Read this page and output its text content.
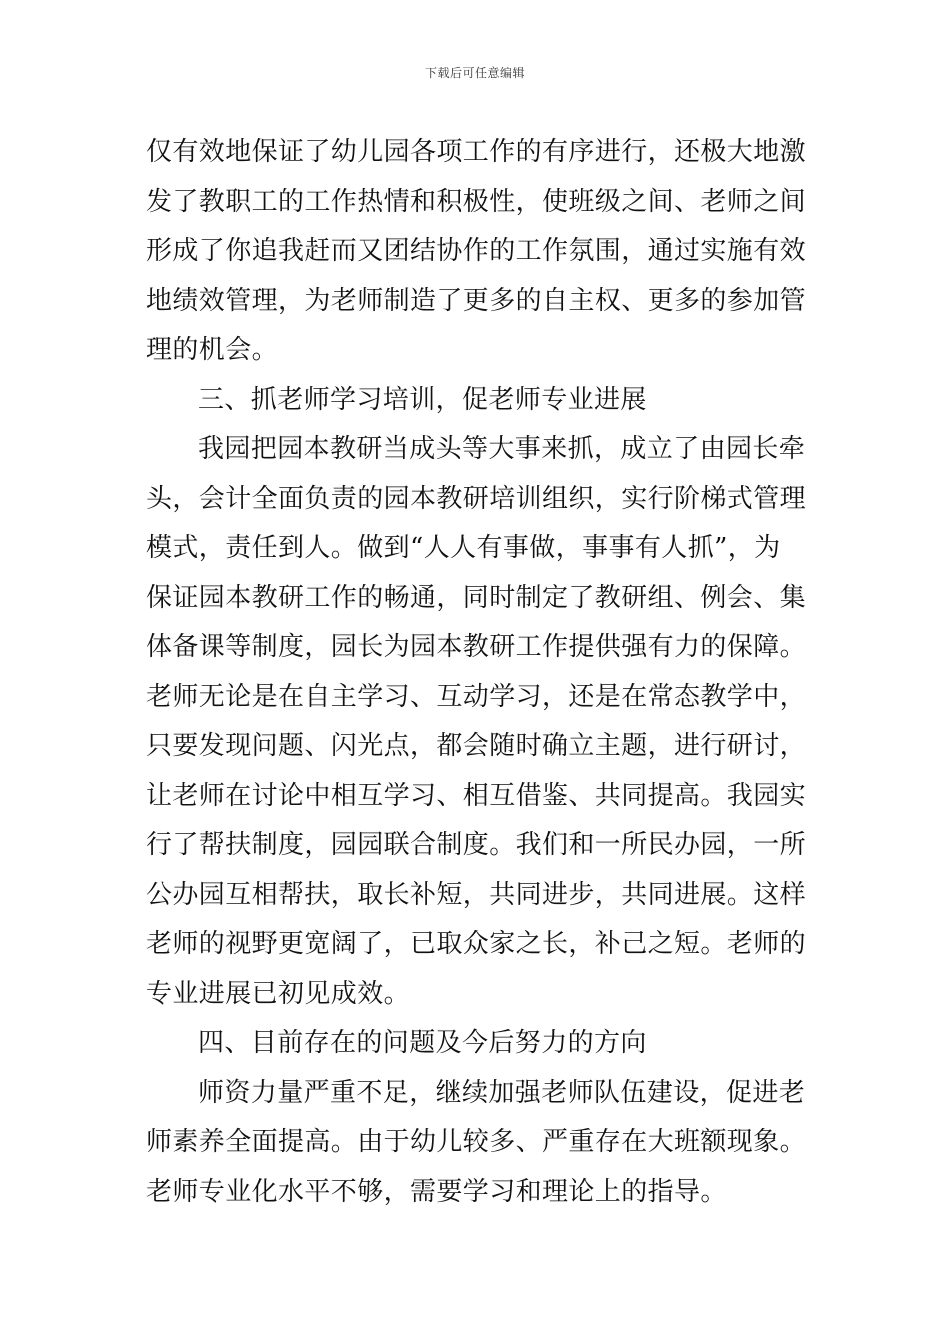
下载后可任意编辑
仅有效地保证了幼儿园各项工作的有序进行，还极大地激
发了教职工的工作热情和积极性，使班级之间、老师之间
形成了你追我赶而又团结协作的工作氛围，通过实施有效
地绩效管理，为老师制造了更多的自主权、更多的参加管
理的机会。
三、抓老师学习培训，促老师专业进展
我园把园本教研当成头等大事来抓，成立了由园长牵
头，会计全面负责的园本教研培训组织，实行阶梯式管理
模式，责任到人。做到“人人有事做，事事有人抓”，为
保证园本教研工作的畅通，同时制定了教研组、例会、集
体备课等制度，园长为园本教研工作提供强有力的保障。
老师无论是在自主学习、互动学习，还是在常态教学中，
只要发现问题、闪光点，都会随时确立主题，进行研讨，
让老师在讨论中相互学习、相互借鉴、共同提高。我园实
行了帮扶制度，园园联合制度。我们和一所民办园，一所
公办园互相帮扶，取长补短，共同进步，共同进展。这样
老师的视野更宽阔了，已取众家之长，补己之短。老师的
专业进展已初见成效。
四、目前存在的问题及今后努力的方向
师资力量严重不足，继续加强老师队伍建设，促进老
师素养全面提高。由于幼儿较多、严重存在大班额现象。
老师专业化水平不够，需要学习和理论上的指导。
